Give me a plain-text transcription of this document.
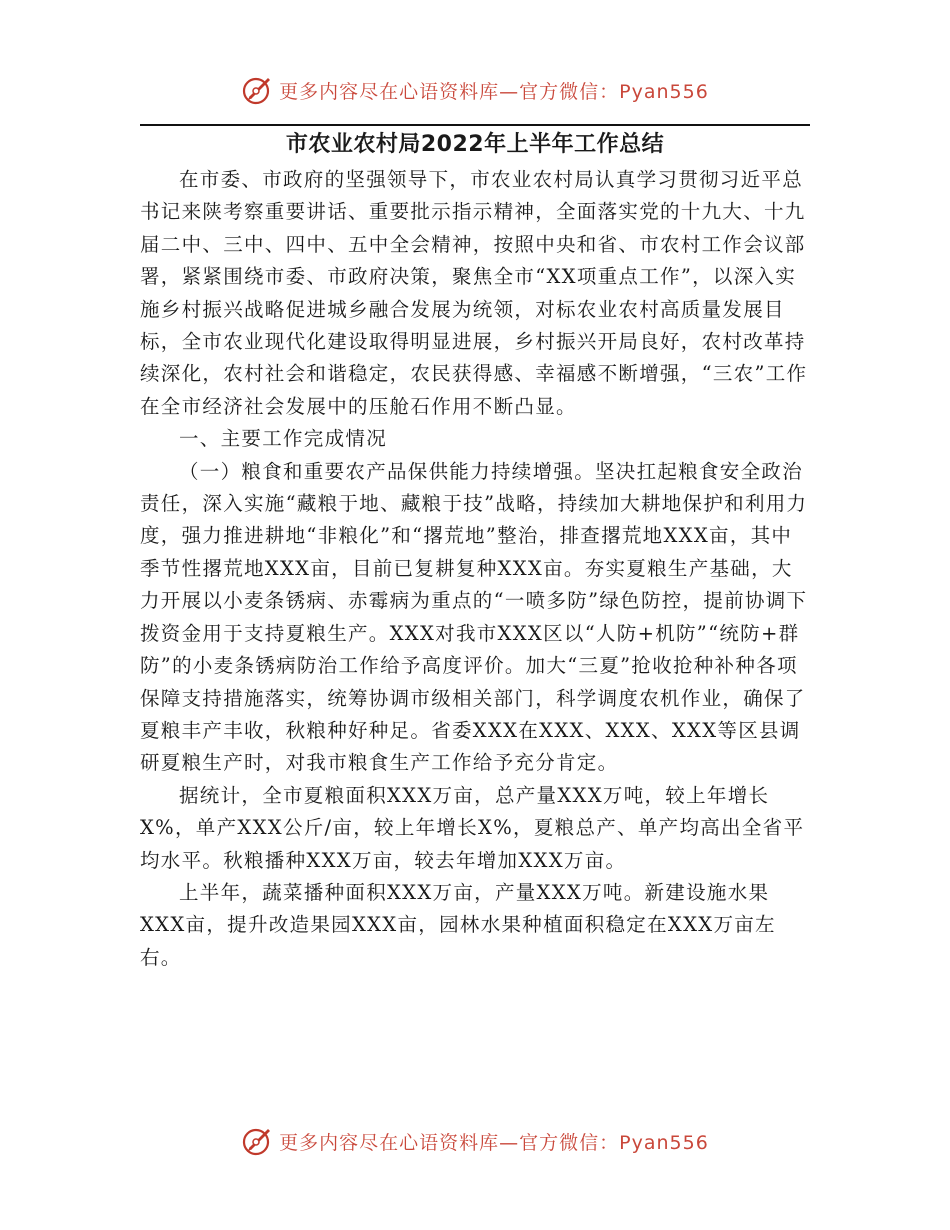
更多内容尽在心语资料库—官方微信：Pyan556
市农业农村局2022年上半年工作总结

在市委、市政府的坚强领导下，市农业农村局认真学习贯彻习近平总书记来陕考察重要讲话、重要批示指示精神，全面落实党的十九大、十九届二中、三中、四中、五中全会精神，按照中央和省、市农村工作会议部署，紧紧围绕市委、市政府决策，聚焦全市“XX项重点工作”，以深入实施乡村振兴战略促进城乡融合发展为统领，对标农业农村高质量发展目标，全市农业现代化建设取得明显进展，乡村振兴开局良好，农村改革持续深化，农村社会和谐稳定，农民获得感、幸福感不断增强，“三农”工作在全市经济社会发展中的压舱石作用不断凸显。

一、主要工作完成情况

（一）粮食和重要农产品保供能力持续增强。坚决扛起粮食安全政治责任，深入实施“藏粮于地、藏粮于技”战略，持续加大耕地保护和利用力度，强力推进耕地“非粮化”和“撂荒地”整治，排查撂荒地XXX亩，其中季节性撂荒地XXX亩，目前已复耕复种XXX亩。夯实夏粮生产基础，大力开展以小麦条锈病、赤霉病为重点的“一喷多防”绿色防控，提前协调下拨资金用于支持夏粮生产。XXX对我市XXX区以“人防+机防”“统防+群防”的小麦条锈病防治工作给予高度评价。加大“三夏”抢收抢种补种各项保障支持措施落实，统筹协调市级相关部门，科学调度农机作业，确保了夏粮丰产丰收，秋粮种好种足。省委XXX在XXX、XXX、XXX等区县调研夏粮生产时，对我市粮食生产工作给予充分肯定。

据统计，全市夏粮面积XXX万亩，总产量XXX万吨，较上年增长X%，单产XXX公斤/亩，较上年增长X%，夏粮总产、单产均高出全省平均水平。秋粮播种XXX万亩，较去年增加XXX万亩。

上半年，蔬菜播种面积XXX万亩，产量XXX万吨。新建设施水果XXX亩，提升改造果园XXX亩，园林水果种植面积稳定在XXX万亩左右。

更多内容尽在心语资料库—官方微信：Pyan556
